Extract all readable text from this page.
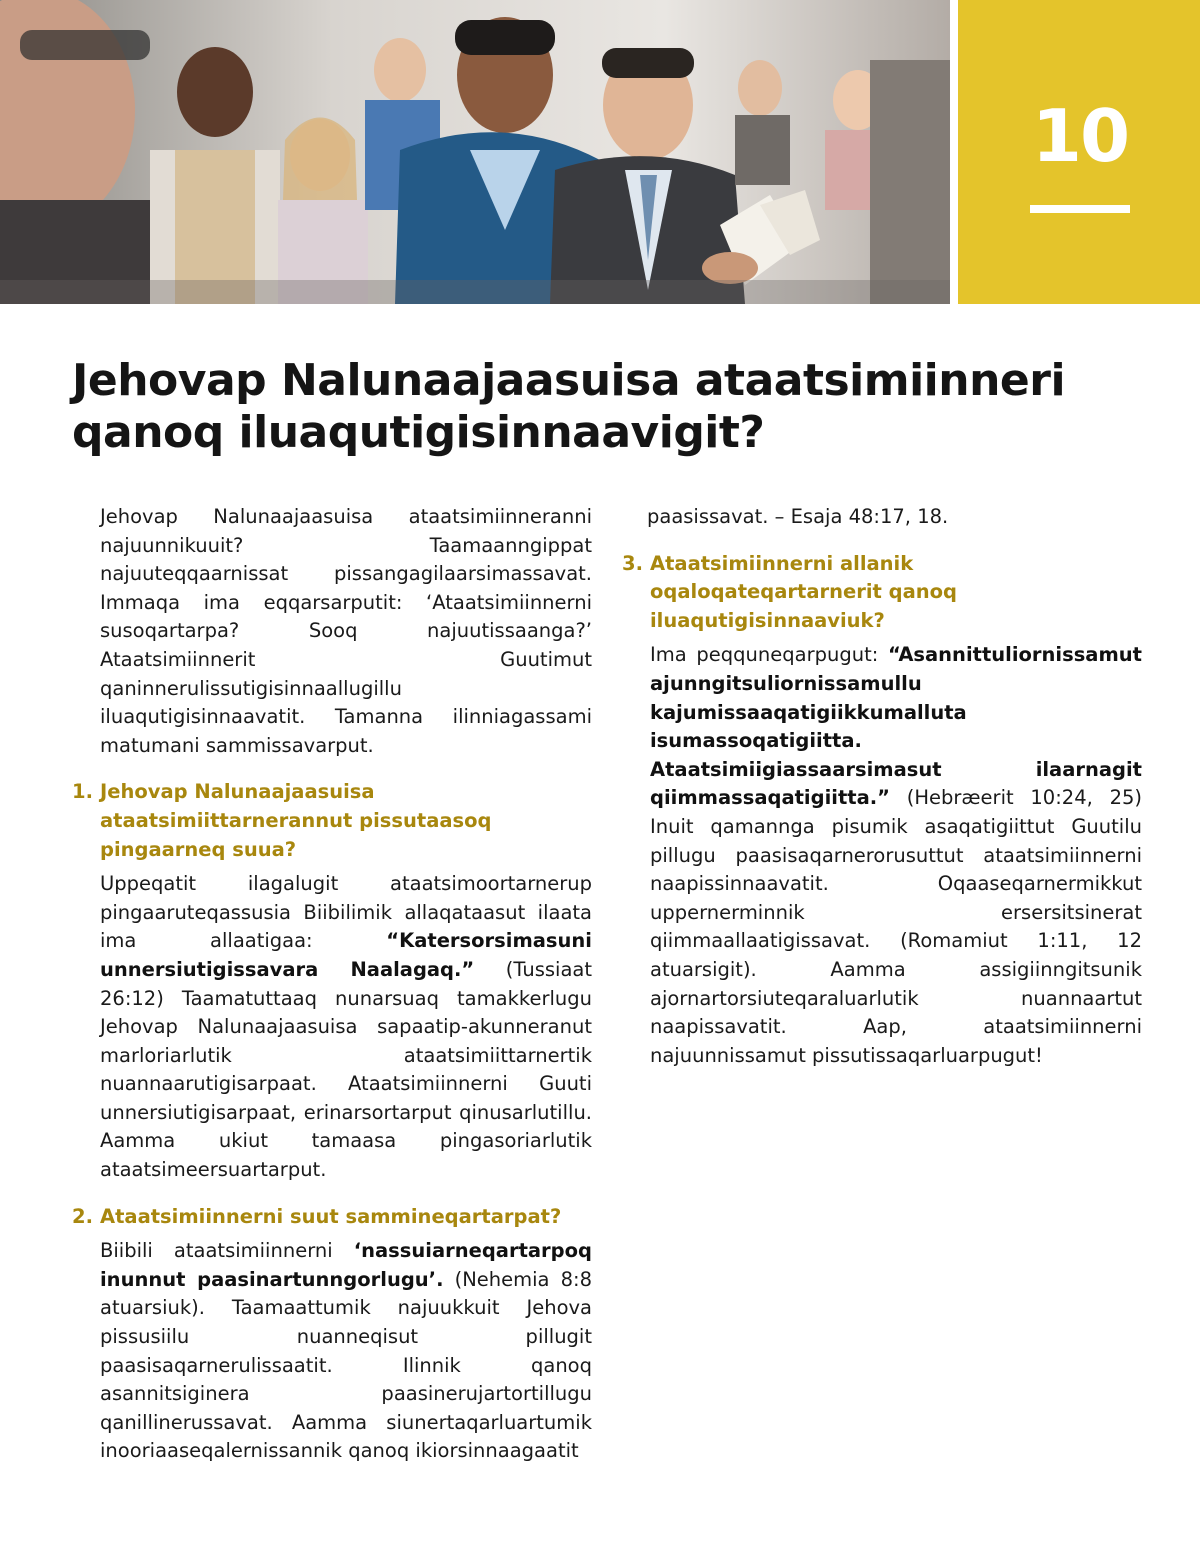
10
Jehovap Nalunaajaasuisa ataatsimiinneri
qanoq iluaqutigisinnaavigit?

Jehovap Nalunaajaasuisa ataatsimiinneranni najuunnikuuit? Taamaanngippat najuuteqqaarnissat pissangagilaarsimassavat. Immaqa ima eqqarsarputit: ‘Ataatsimiinnerni susoqartarpa? Sooq najuutissaanga?’ Ataatsimiinnerit Guutimut qaninnerulissutigisinnaallugillu iluaqutigisinnaavatit. Tamanna ilinniagassami matumani sammissavarput.

1. Jehovap Nalunaajaasuisa ataatsimiittarnerannut pissutaasoq pingaarneq suua?

Uppeqatit ilagalugit ataatsimoortarnerup pingaaruteqassusia Biibilimik allaqataasut ilaata ima allaatigaa: “Katersorsimasuni unnersiutigissavara Naalagaq.” (Tussiaat 26:12) Taamatuttaaq nunarsuaq tamakkerlugu Jehovap Nalunaajaasuisa sapaatip-akunneranut marloriarlutik ataatsimiittarnertik nuannaarutigisarpaat. Ataatsimiinnerni Guuti unnersiutigisarpaat, erinarsortarput qinusarlutillu. Aamma ukiut tamaasa pingasoriarlutik ataatsimeersuartarput.

2. Ataatsimiinnerni suut sammineqartarpat?

Biibili ataatsimiinnerni ‘nassuiarneqartarpoq inunnut paasinartunngorlugu’. (Nehemia 8:8 atuarsiuk). Taamaattumik najuukkuit Jehova pissusiilu nuanneqisut pillugit paasisaqarnerulissaatit. Ilinnik qanoq asannitsiginera paasinerujartortillugu qanillinerussavat. Aamma siunertaqarluartumik inooriaaseqalernissannik qanoq ikiorsinnaagaatit

paasissavat. – Esaja 48:17, 18.

3. Ataatsimiinnerni allanik oqaloqateqartarnerit qanoq iluaqutigisinnaaviuk?

Ima peqquneqarpugut: “Asannittuliornissamut ajunngitsuliornissamullu kajumissaaqatigiikkumalluta isumassoqatigiitta. Ataatsimiigiassaarsimasut ilaarnagit qiimmassaqatigiitta.” (Hebræerit 10:24, 25) Inuit qamannga pisumik asaqatigiittut Guutilu pillugu paasisaqarnerorusuttut ataatsimiinnerni naapissinnaavatit. Oqaaseqarnermikkut uppernerminnik ersersitsinerat qiimmaallaatigissavat. (Romamiut 1:11, 12 atuarsigit). Aamma assigiinngitsunik ajornartorsiuteqaraluarlutik nuannaartut naapissavatit. Aap, ataatsimiinnerni najuunnissamut pissutissaqarluarpugut!
